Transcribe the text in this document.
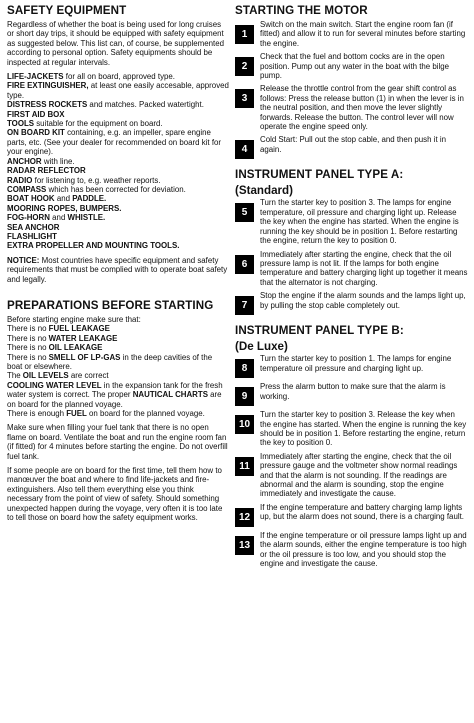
SAFETY EQUIPMENT

Regardless of whether the boat is being used for long cruises or short day trips, it should be equipped with safety equipment as suggested below. This list can, of course, be supplemented according to personal option. Safety equipments should be inspected at regular intervals.

LIFE-JACKETS for all on board, approved type.
FIRE EXTINGUISHER, at least one easily accesable, approved type.
DISTRESS ROCKETS and matches. Packed watertight.
FIRST AID BOX
TOOLS suitable for the equipment on board.
ON BOARD KIT containing, e.g. an impeller, spare engine parts, etc. (See your dealer for recommended on board kit for your engine).
ANCHOR with line.
RADAR REFLECTOR
RADIO for listening to, e.g. weather reports.
COMPASS which has been corrected for deviation.
BOAT HOOK and PADDLE.
MOORING ROPES, BUMPERS.
FOG-HORN and WHISTLE.
SEA ANCHOR
FLASHLIGHT
EXTRA PROPELLER AND MOUNTING TOOLS.

NOTICE: Most countries have specific equipment and safety requirements that must be complied with to operate boat safety and legally.

PREPARATIONS BEFORE STARTING
Before starting engine make sure that:
There is no FUEL LEAKAGE
There is no WATER LEAKAGE
There is no OIL LEAKAGE
There is no SMELL OF LP-GAS in the deep cavities of the boat or elsewhere.
The OIL LEVELS are correct
COOLING WATER LEVEL in the expansion tank for the fresh water system is correct. The proper NAUTICAL CHARTS are on board for the planned voyage.
There is enough FUEL on board for the planned voyage.

Make sure when filling your fuel tank that there is no open flame on board. Ventilate the boat and run the engine room fan (if fitted) for 4 minutes before starting the engine. Do not overfill fuel tank.

If some people are on board for the first time, tell them how to manœuver the boat and where to find life-jackets and fire-extinguishers. Also tell them everything else you think necessary from the point of view of safety. Should something unexpected happen during the voyage, very often it is too late to tell those on board how the safety equipment works.

STARTING THE MOTOR
1
Switch on the main switch. Start the engine room fan (if fitted) and allow it to run for several minutes before starting the engine.
2
Check that the fuel and bottom cocks are in the open position. Pump out any water in the boat with the bilge pump.
3
Release the throttle control from the gear shift control as follows: Press the release button (1) in when the lever is in the neutral position, and then move the lever slightly forwards. Release the button. The control lever will now operate the engine speed only.
4
Cold Start: Pull out the stop cable, and then push it in again.
INSTRUMENT PANEL TYPE A:
(Standard)
5
Turn the starter key to position 3. The lamps for engine temperature, oil pressure and charging light up. Release the key when the engine has started. When the engine is running the key should be in position 1. Before restarting the engine, return the key to position 0.
6
Immediately after starting the engine, check that the oil pressure lamp is not lit. If the lamps for both engine temperature and battery charging light up together it means that the alternator is not charging.
7
Stop the engine if the alarm sounds and the lamps light up, by pulling the stop cable completely out.
INSTRUMENT PANEL TYPE B:
(De Luxe)
8
Turn the starter key to position 1. The lamps for engine temperature oil pressure and charging light up.
9
Press the alarm button to make sure that the alarm is working.
10
Turn the starter key to position 3. Release the key when the engine has started. When the engine is running the key should be in position 1. Before restarting the engine, return the key to position 0.
11
Immediately after starting the engine, check that the oil pressure gauge and the voltmeter show normal readings and that the alarm is not sounding. If the readings are abnormal and the alarm is sounding, stop the engine immediately and investigate the cause.
12
If the engine temperature and battery charging lamp lights up, but the alarm does not sound, there is a charging fault.
13
If the engine temperature or oil pressure lamps light up and the alarm sounds, either the engine temperature is too high or the oil pressure is too low, and you should stop the engine and investigate the cause.
